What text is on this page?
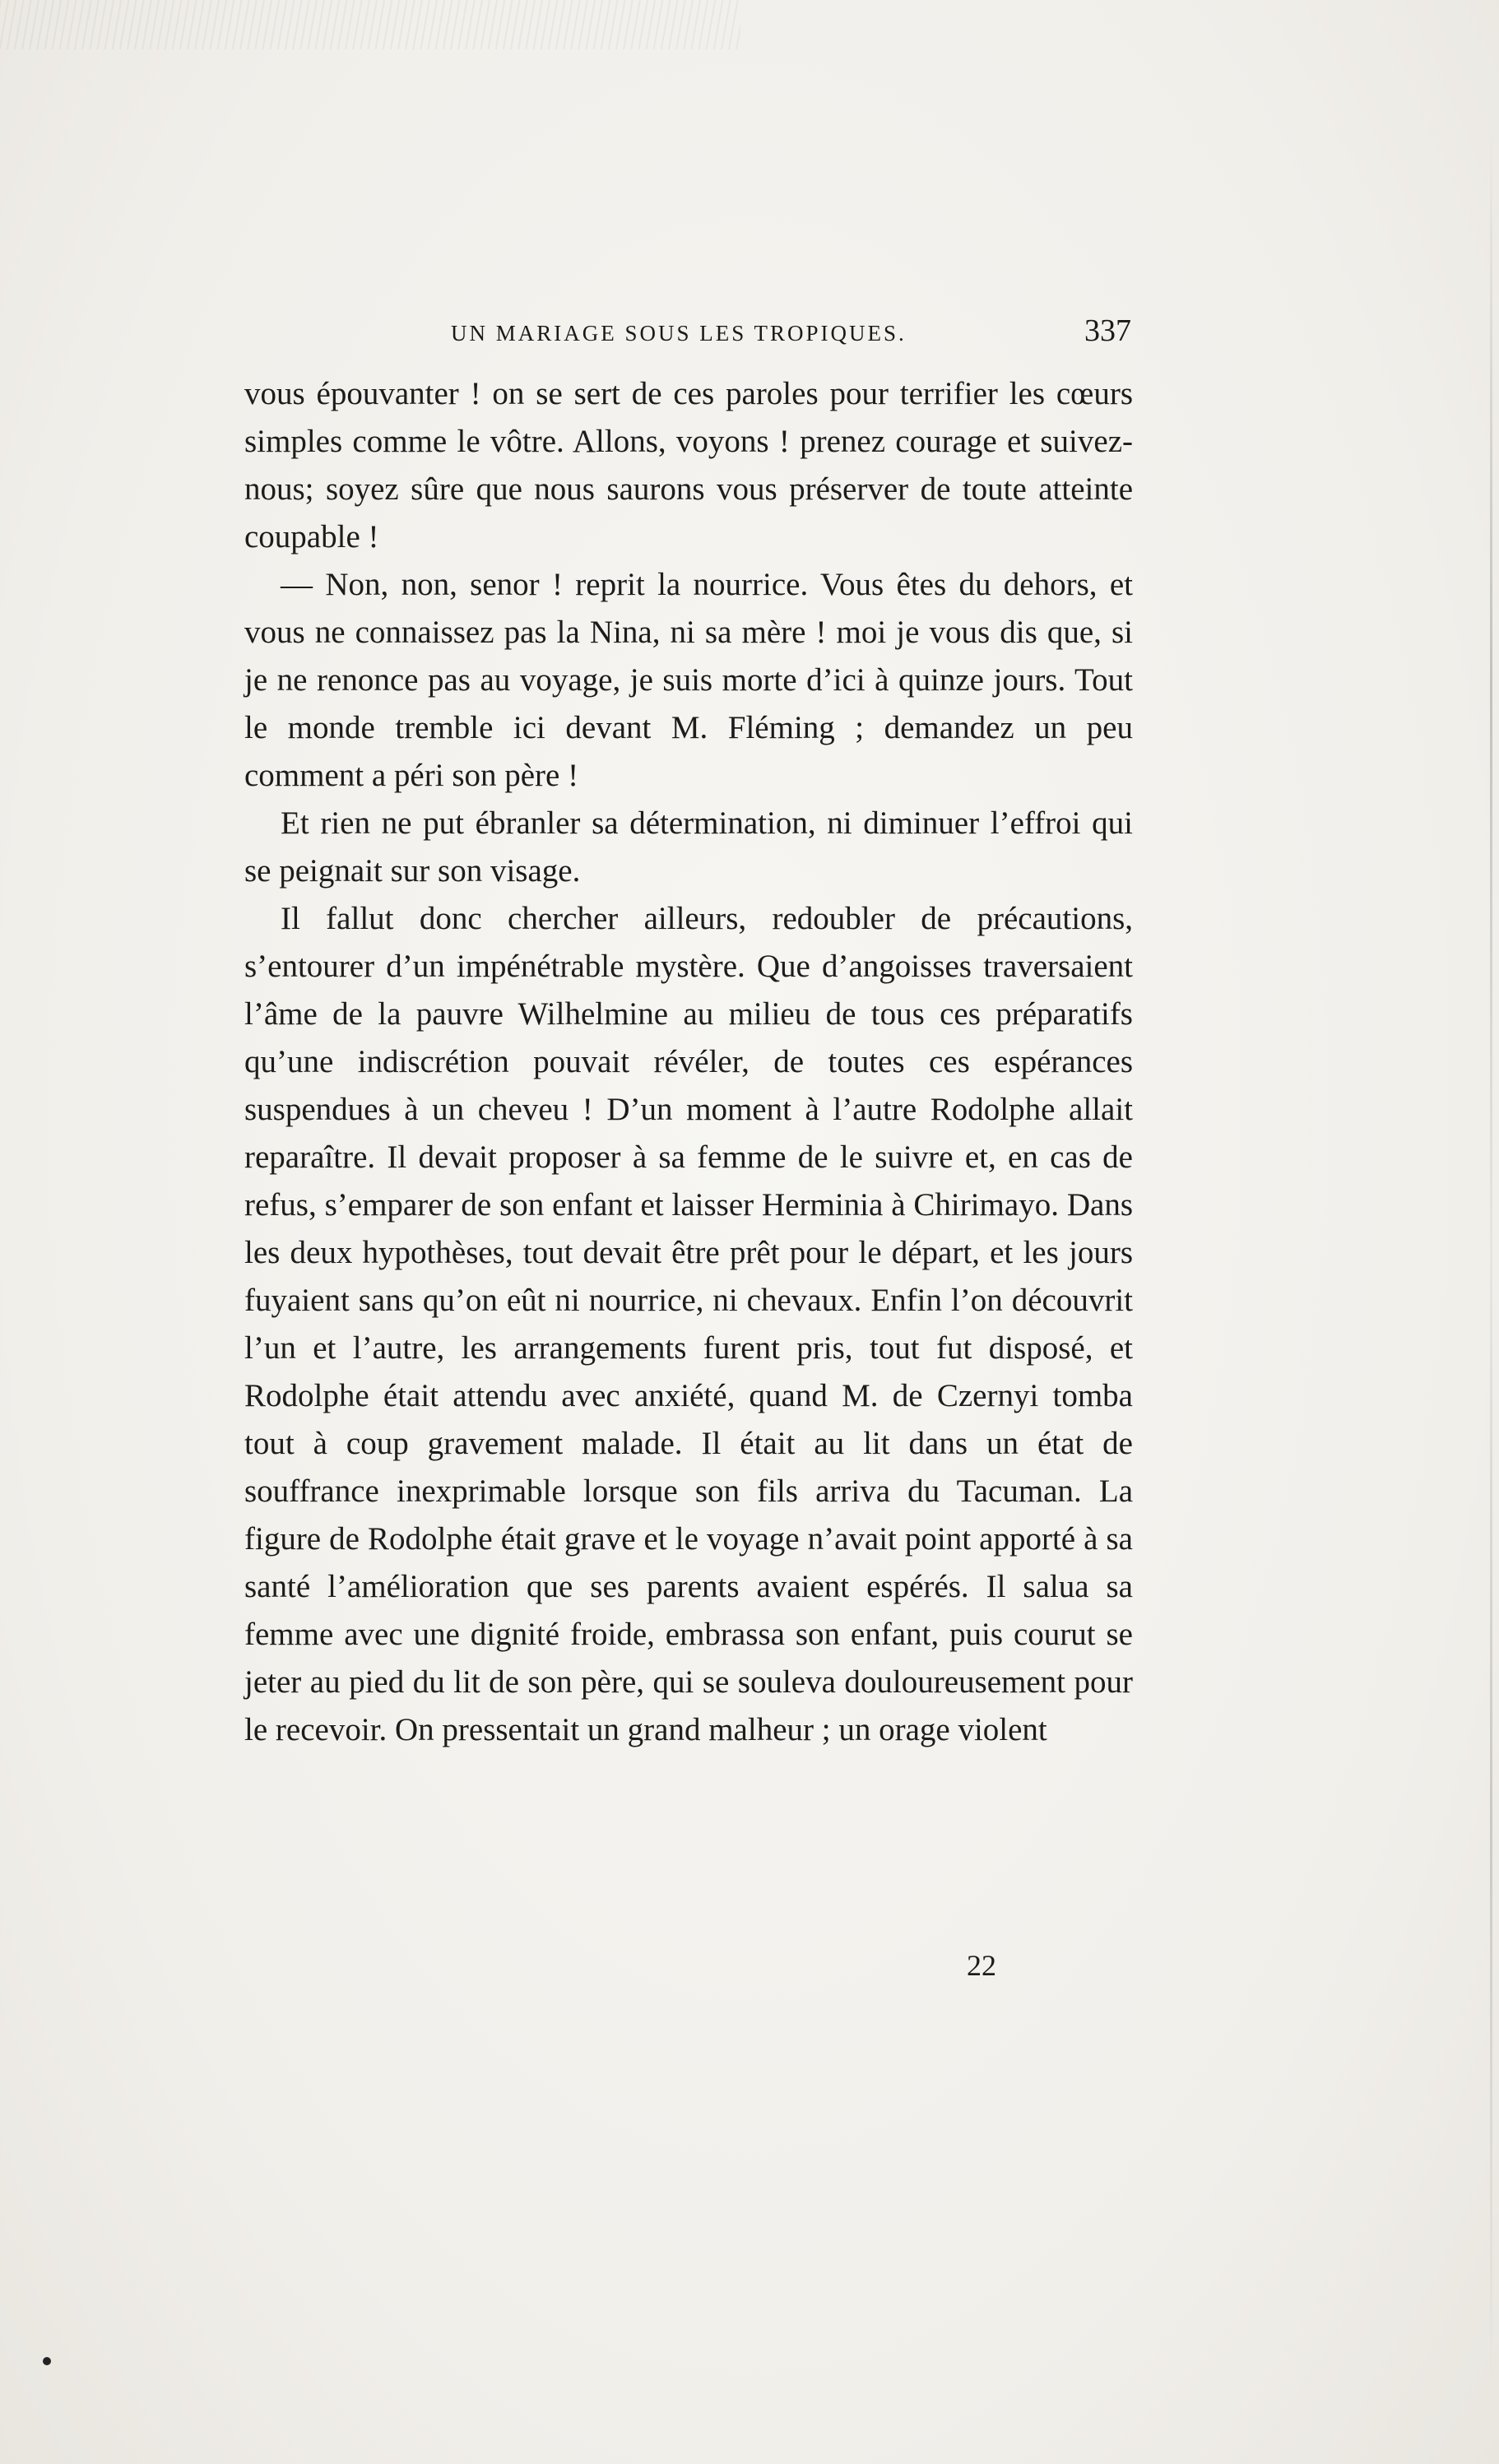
UN MARIAGE SOUS LES TROPIQUES.	337

vous épouvanter ! on se sert de ces paroles pour terrifier les cœurs simples comme le vôtre. Allons, voyons ! prenez courage et suivez-nous; soyez sûre que nous saurons vous préserver de toute atteinte coupable !

— Non, non, senor ! reprit la nourrice. Vous êtes du dehors, et vous ne connaissez pas la Nina, ni sa mère ! moi je vous dis que, si je ne renonce pas au voyage, je suis morte d’ici à quinze jours. Tout le monde tremble ici devant M. Fléming ; demandez un peu comment a péri son père !

Et rien ne put ébranler sa détermination, ni diminuer l’effroi qui se peignait sur son visage.

Il fallut donc chercher ailleurs, redoubler de précautions, s’entourer d’un impénétrable mystère. Que d’angoisses traversaient l’âme de la pauvre Wilhelmine au milieu de tous ces préparatifs qu’une indiscrétion pouvait révéler, de toutes ces espérances suspendues à un cheveu ! D’un moment à l’autre Rodolphe allait reparaître. Il devait proposer à sa femme de le suivre et, en cas de refus, s’emparer de son enfant et laisser Herminia à Chirimayo. Dans les deux hypothèses, tout devait être prêt pour le départ, et les jours fuyaient sans qu’on eût ni nourrice, ni chevaux. Enfin l’on découvrit l’un et l’autre, les arrangements furent pris, tout fut disposé, et Rodolphe était attendu avec anxiété, quand M. de Czernyi tomba tout à coup gravement malade. Il était au lit dans un état de souffrance inexprimable lorsque son fils arriva du Tacuman. La figure de Rodolphe était grave et le voyage n’avait point apporté à sa santé l’amélioration que ses parents avaient espérés. Il salua sa femme avec une dignité froide, embrassa son enfant, puis courut se jeter au pied du lit de son père, qui se souleva douloureusement pour le recevoir. On pressentait un grand malheur ; un orage violent

22
